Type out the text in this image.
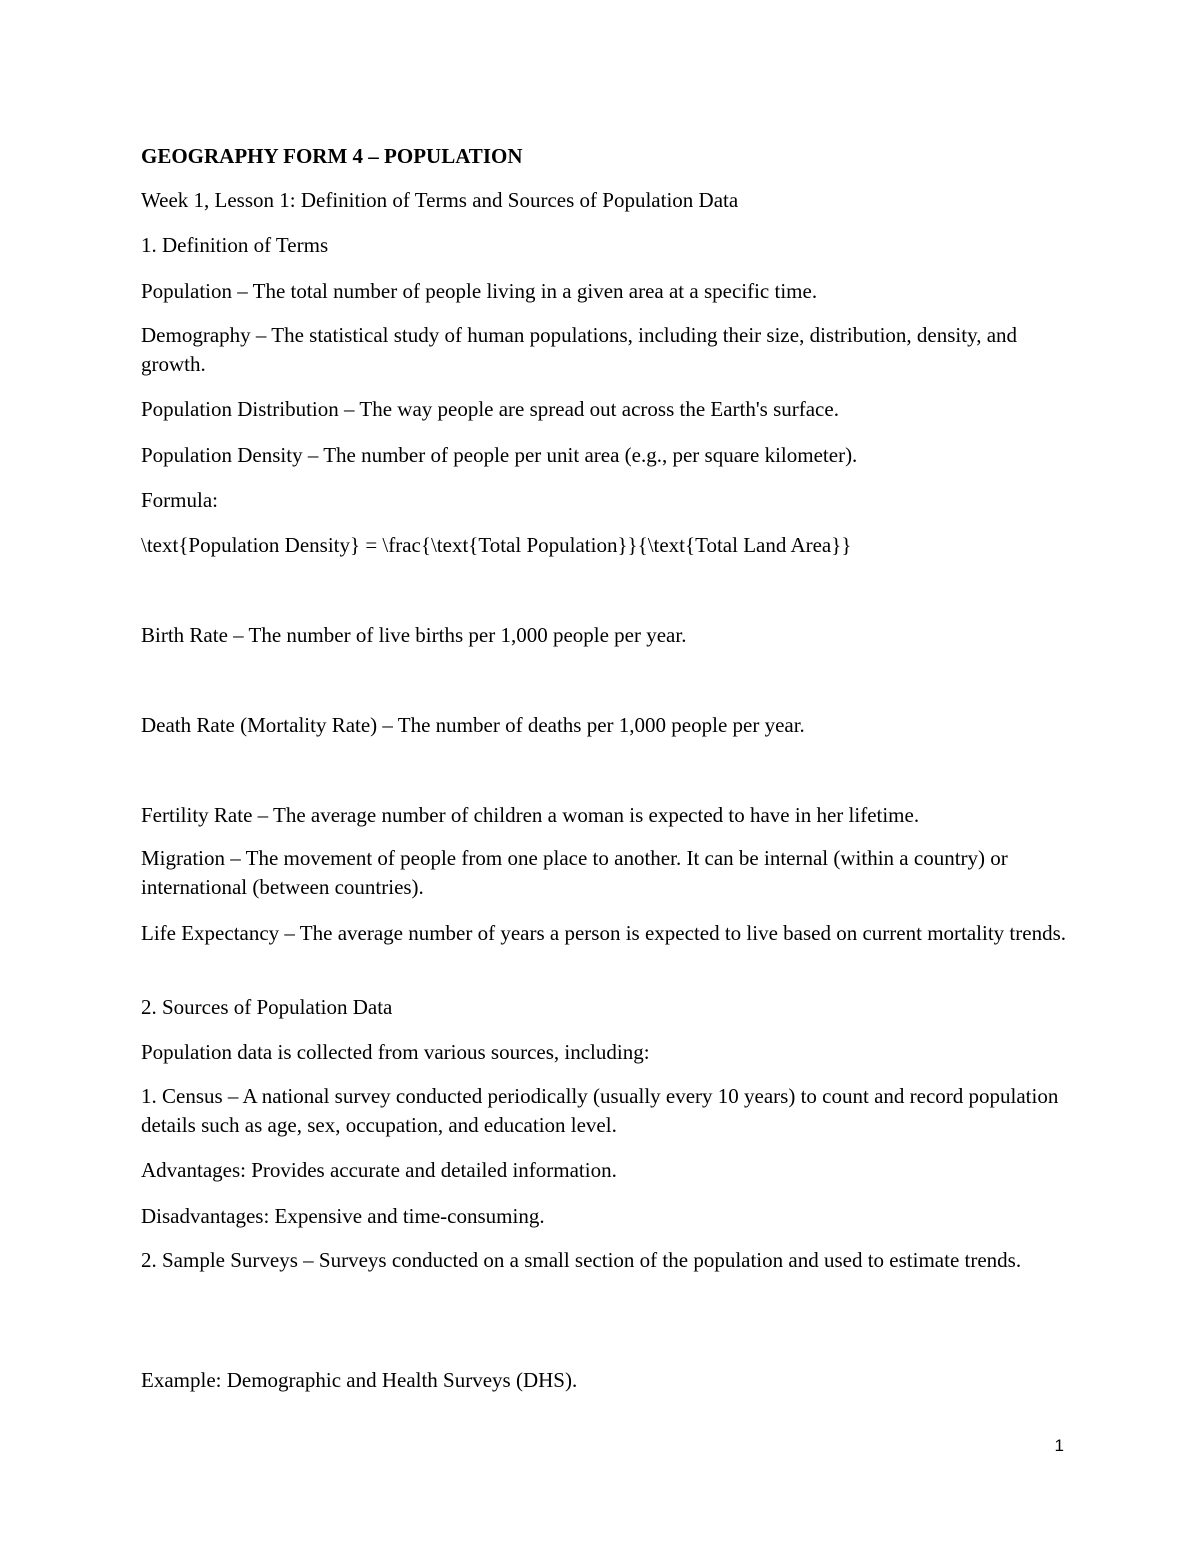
GEOGRAPHY FORM 4 – POPULATION
Week 1, Lesson 1: Definition of Terms and Sources of Population Data
1. Definition of Terms
Population – The total number of people living in a given area at a specific time.
Demography – The statistical study of human populations, including their size, distribution, density, and growth.
Population Distribution – The way people are spread out across the Earth's surface.
Population Density – The number of people per unit area (e.g., per square kilometer).
Formula:
\text{Population Density} = \frac{\text{Total Population}}{\text{Total Land Area}}
Birth Rate – The number of live births per 1,000 people per year.
Death Rate (Mortality Rate) – The number of deaths per 1,000 people per year.
Fertility Rate – The average number of children a woman is expected to have in her lifetime.
Migration – The movement of people from one place to another. It can be internal (within a country) or international (between countries).
Life Expectancy – The average number of years a person is expected to live based on current mortality trends.
2. Sources of Population Data
Population data is collected from various sources, including:
1. Census – A national survey conducted periodically (usually every 10 years) to count and record population details such as age, sex, occupation, and education level.
Advantages: Provides accurate and detailed information.
Disadvantages: Expensive and time-consuming.
2. Sample Surveys – Surveys conducted on a small section of the population and used to estimate trends.
Example: Demographic and Health Surveys (DHS).
1
